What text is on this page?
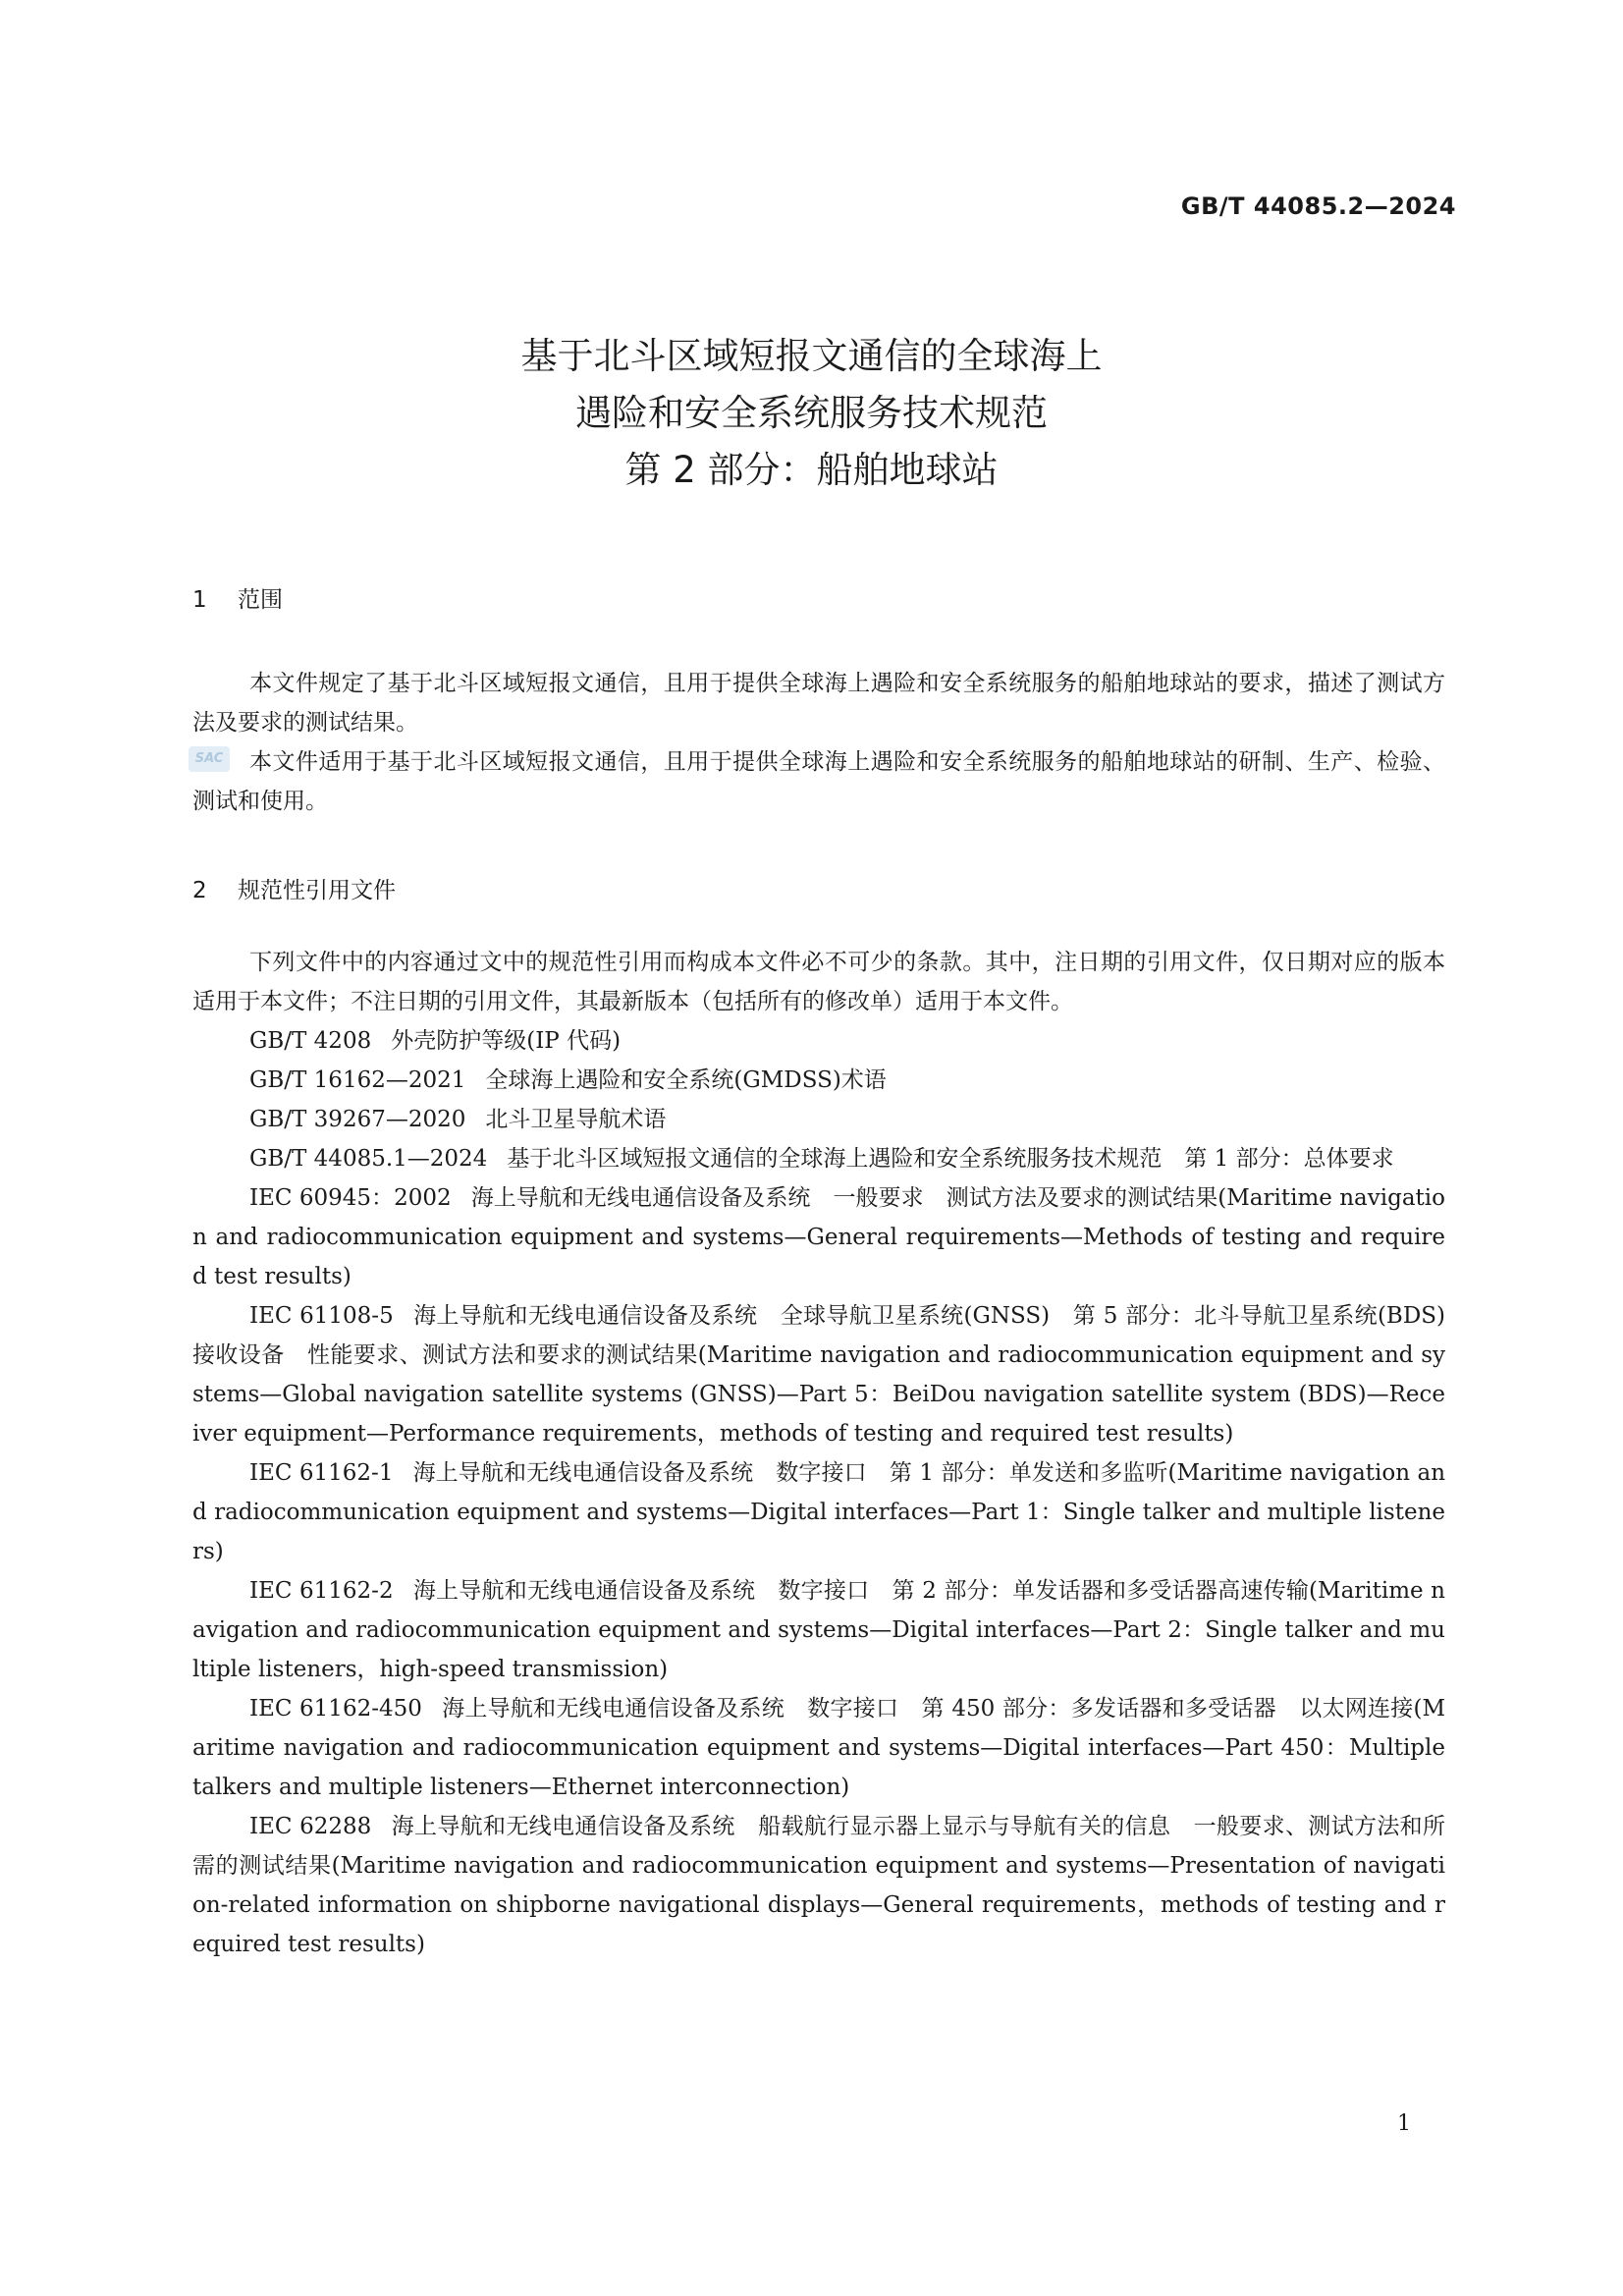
GB/T 44085.2—2024
基于北斗区域短报文通信的全球海上
遇险和安全系统服务技术规范
第 2 部分：船舶地球站
1 范围

本文件规定了基于北斗区域短报文通信，且用于提供全球海上遇险和安全系统服务的船舶地球站的要求，描述了测试方法及要求的测试结果。

本文件适用于基于北斗区域短报文通信，且用于提供全球海上遇险和安全系统服务的船舶地球站的研制、生产、检验、测试和使用。

SAC
2 规范性引用文件

下列文件中的内容通过文中的规范性引用而构成本文件必不可少的条款。其中，注日期的引用文件，仅日期对应的版本适用于本文件；不注日期的引用文件，其最新版本（包括所有的修改单）适用于本文件。

GB/T 4208 外壳防护等级(IP 代码)

GB/T 16162—2021 全球海上遇险和安全系统(GMDSS)术语

GB/T 39267—2020 北斗卫星导航术语

GB/T 44085.1—2024 基于北斗区域短报文通信的全球海上遇险和安全系统服务技术规范　第 1 部分：总体要求

IEC 60945：2002 海上导航和无线电通信设备及系统　一般要求　测试方法及要求的测试结果(Maritime navigation and radiocommunication equipment and systems—General requirements—Methods of testing and required test results)

IEC 61108-5 海上导航和无线电通信设备及系统　全球导航卫星系统(GNSS)　第 5 部分：北斗导航卫星系统(BDS)接收设备　性能要求、测试方法和要求的测试结果(Maritime navigation and radiocommunication equipment and systems—Global navigation satellite systems (GNSS)—Part 5：BeiDou navigation satellite system (BDS)—Receiver equipment—Performance requirements，methods of testing and required test results)

IEC 61162-1 海上导航和无线电通信设备及系统　数字接口　第 1 部分：单发送和多监听(Maritime navigation and radiocommunication equipment and systems—Digital interfaces—Part 1：Single talker and multiple listeners)

IEC 61162-2 海上导航和无线电通信设备及系统　数字接口　第 2 部分：单发话器和多受话器高速传输(Maritime navigation and radiocommunication equipment and systems—Digital interfaces—Part 2：Single talker and multiple listeners，high-speed transmission)

IEC 61162-450 海上导航和无线电通信设备及系统　数字接口　第 450 部分：多发话器和多受话器　以太网连接(Maritime navigation and radiocommunication equipment and systems—Digital interfaces—Part 450：Multiple talkers and multiple listeners—Ethernet interconnection)

IEC 62288 海上导航和无线电通信设备及系统　船载航行显示器上显示与导航有关的信息　一般要求、测试方法和所需的测试结果(Maritime navigation and radiocommunication equipment and systems—Presentation of navigation-related information on shipborne navigational displays—General requirements，methods of testing and required test results)

1
